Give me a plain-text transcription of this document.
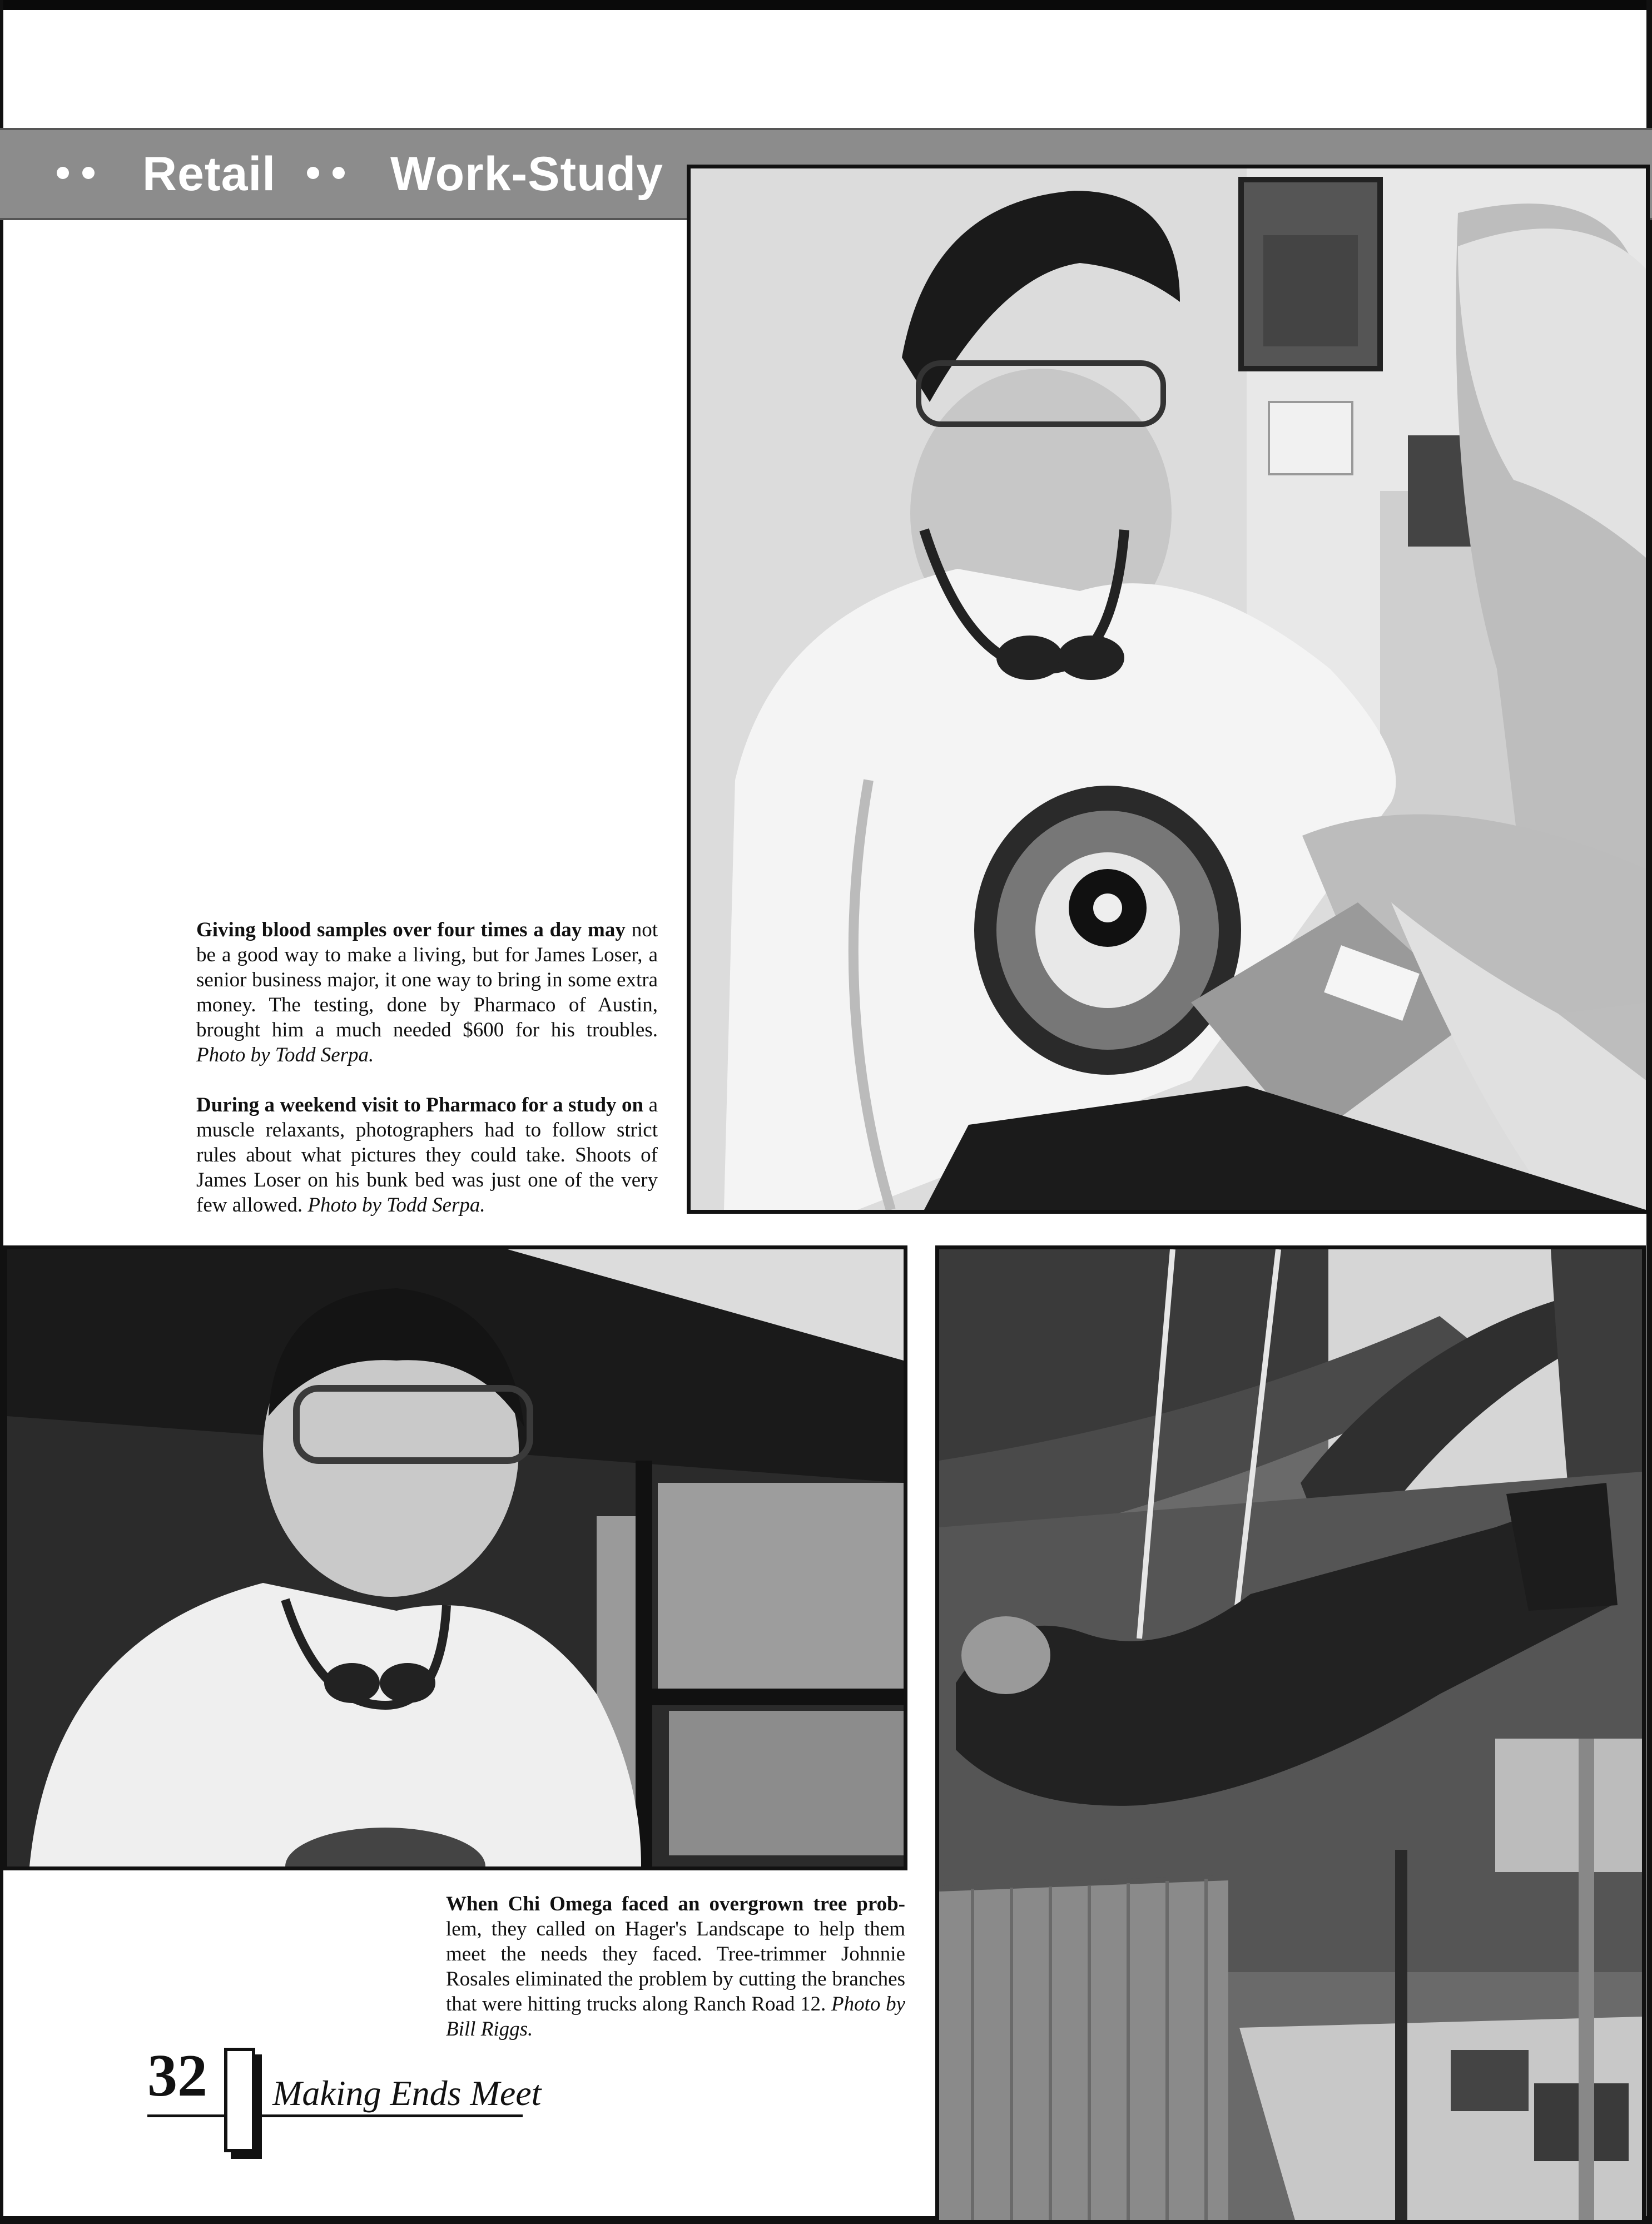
Retail Work-Study
Giving blood samples over four times a day may not be a good way to make a living, but for James Loser, a senior business major, it one way to bring in some extra money. The testing, done by Pharmaco of Austin, brought him a much needed $600 for his troubles. Photo by Todd Serpa.
During a weekend visit to Pharmaco for a study on a muscle relaxants, photographers had to follow strict rules about what pictures they could take. Shoots of James Loser on his bunk bed was just one of the very few allowed. Photo by Todd Serpa.
When Chi Omega faced an overgrown tree prob- lem, they called on Hager's Landscape to help them meet the needs they faced. Tree-trimmer Johnnie Rosales eliminated the problem by cutting the branches that were hitting trucks along Ranch Road 12. Photo by Bill Riggs.
32 Making Ends Meet
